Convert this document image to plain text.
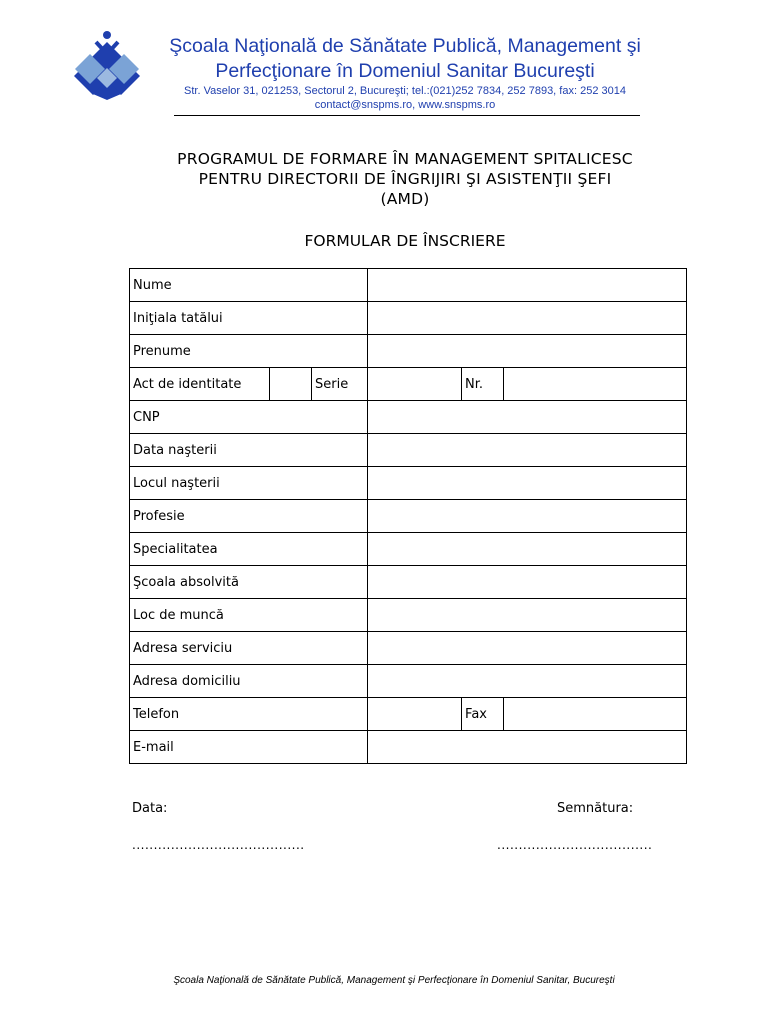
Şcoala Naţională de Sănătate Publică, Management şi
Perfecţionare în Domeniul Sanitar Bucureşti
Str. Vaselor 31, 021253, Sectorul 2, Bucureşti; tel.:(021)252 7834, 252 7893, fax: 252 3014
contact@snspms.ro, www.snspms.ro
PROGRAMUL DE FORMARE ÎN MANAGEMENT SPITALICESC
PENTRU DIRECTORII DE ÎNGRIJIRI ŞI ASISTENŢII ŞEFI
(AMD)
FORMULAR DE ÎNSCRIERE
Nume					
Iniţiala tatălui					
Prenume					
Act de identitate		Serie		Nr.	
CNP					
Data naşterii					
Locul naşterii					
Profesie					
Specialitatea					
Şcoala absolvită					
Loc de muncă					
Adresa serviciu					
Adresa domiciliu					
Telefon				Fax	
E-mail					
Data:	Semnătura:
........................................	....................................
Şcoala Naţională de Sănătate Publică, Management şi Perfecţionare în Domeniul Sanitar, Bucureşti
